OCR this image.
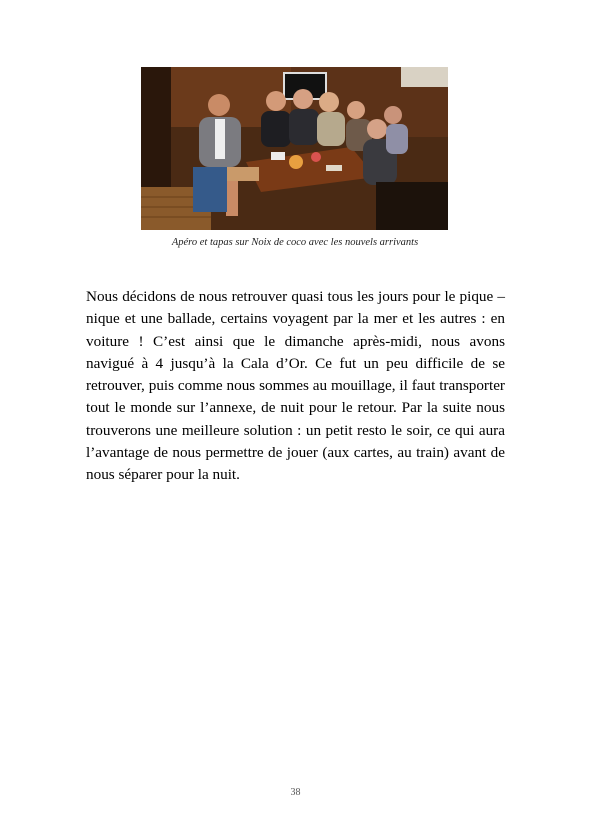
Apéro et tapas sur Noix de coco avec les nouvels arrivants

Nous décidons de nous retrouver quasi tous les jours pour le pique –nique et une ballade, certains voyagent par la mer et les autres : en voiture ! C’est ainsi que le dimanche après-midi, nous avons navigué à 4 jusqu’à la Cala d’Or. Ce fut un peu difficile de se retrouver, puis comme nous sommes au mouillage, il faut transporter tout le monde sur l’annexe, de nuit pour le retour. Par la suite nous trouverons une meilleure solution : un petit resto le soir, ce qui aura l’avantage de nous permettre de jouer (aux cartes, au train) avant de nous séparer pour la nuit.

38
